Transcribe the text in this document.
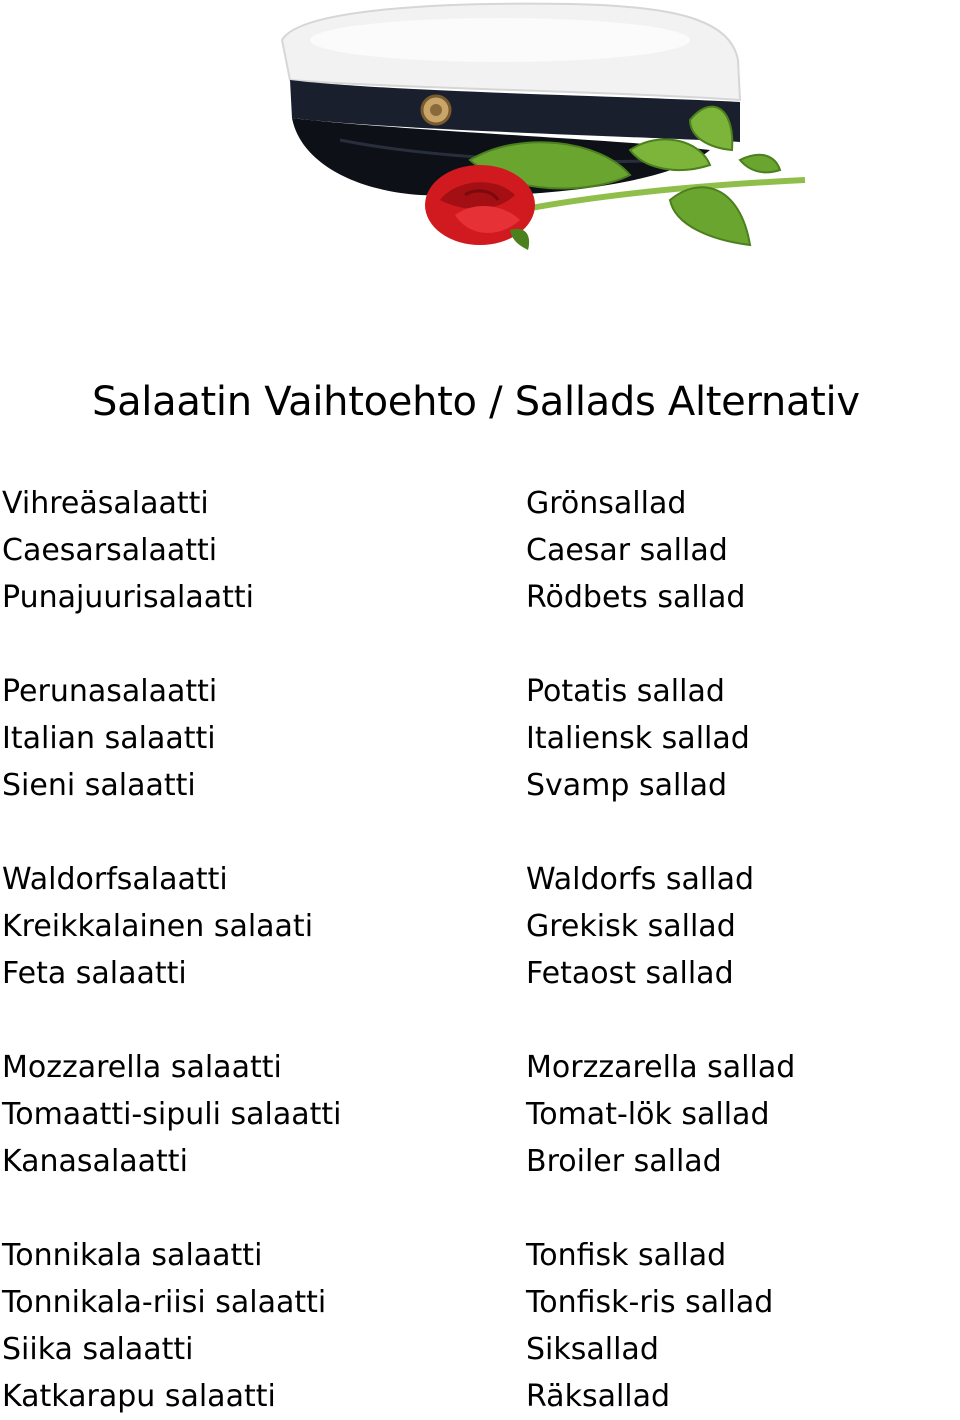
Salaatin Vaihtoehto / Sallads Alternativ
Vihreäsalaatti
Caesarsalaatti
Punajuurisalaatti
Perunasalaatti
Italian salaatti
Sieni salaatti
Waldorfsalaatti
Kreikkalainen salaati
Feta salaatti
Mozzarella salaatti
Tomaatti-sipuli salaatti
Kanasalaatti
Tonnikala salaatti
Tonnikala-riisi salaatti
Siika salaatti
Katkarapu salaatti
Grönsallad
Caesar sallad
Rödbets sallad
Potatis sallad
Italiensk sallad
Svamp sallad
Waldorfs sallad
Grekisk sallad
Fetaost sallad
Morzzarella sallad
Tomat-lök sallad
Broiler sallad
Tonfisk sallad
Tonfisk-ris sallad
Siksallad
Räksallad
